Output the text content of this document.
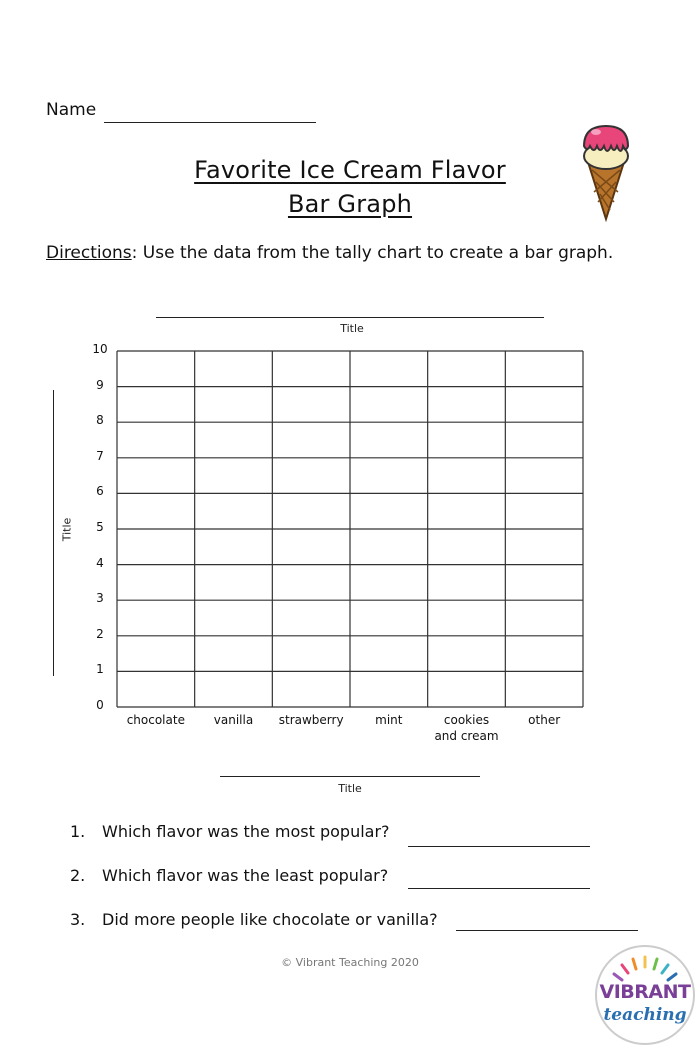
Name
Favorite Ice Cream Flavor
Bar Graph
Directions: Use the data from the tally chart to create a bar graph.
Title
Title
0
1
2
3
4
5
6
7
8
9
10
chocolate	vanilla	strawberry	mint	cookies
and cream
other
Title
1. Which flavor was the most popular?
2. Which flavor was the least popular?
3. Did more people like chocolate or vanilla?
© Vibrant Teaching 2020
VIBRANT
teaching
